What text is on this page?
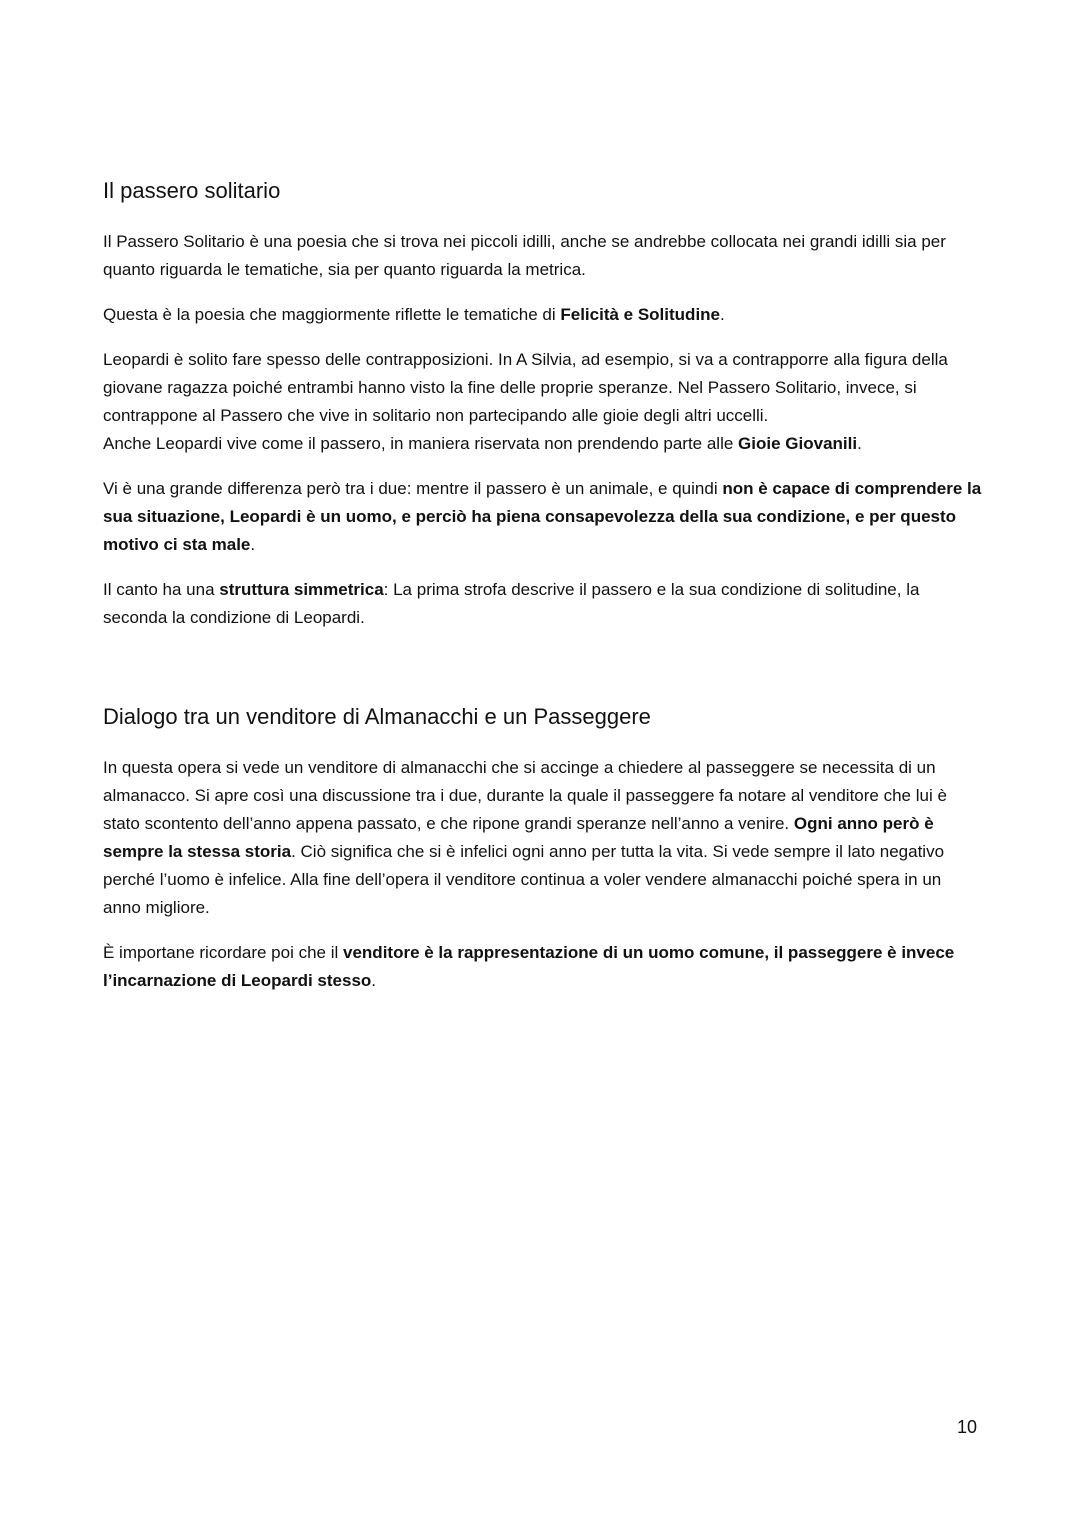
Il passero solitario

Il Passero Solitario è una poesia che si trova nei piccoli idilli, anche se andrebbe collocata nei grandi idilli sia per quanto riguarda le tematiche, sia per quanto riguarda la metrica.

Questa è la poesia che maggiormente riflette le tematiche di Felicità e Solitudine.

Leopardi è solito fare spesso delle contrapposizioni. In A Silvia, ad esempio, si va a contrapporre alla figura della giovane ragazza poiché entrambi hanno visto la fine delle proprie speranze. Nel Passero Solitario, invece, si contrappone al Passero che vive in solitario non partecipando alle gioie degli altri uccelli.
Anche Leopardi vive come il passero, in maniera riservata non prendendo parte alle Gioie Giovanili.

Vi è una grande differenza però tra i due: mentre il passero è un animale, e quindi non è capace di comprendere la sua situazione, Leopardi è un uomo, e perciò ha piena consapevolezza della sua condizione, e per questo motivo ci sta male.

Il canto ha una struttura simmetrica: La prima strofa descrive il passero e la sua condizione di solitudine, la seconda la condizione di Leopardi.

Dialogo tra un venditore di Almanacchi e un Passeggere

In questa opera si vede un venditore di almanacchi che si accinge a chiedere al passeggere se necessita di un almanacco. Si apre così una discussione tra i due, durante la quale il passeggere fa notare al venditore che lui è stato scontento dell’anno appena passato, e che ripone grandi speranze nell’anno a venire. Ogni anno però è sempre la stessa storia. Ciò significa che si è infelici ogni anno per tutta la vita. Si vede sempre il lato negativo perché l’uomo è infelice. Alla fine dell’opera il venditore continua a voler vendere almanacchi poiché spera in un anno migliore.

È importane ricordare poi che il venditore è la rappresentazione di un uomo comune, il passeggere è invece l’incarnazione di Leopardi stesso.

10
